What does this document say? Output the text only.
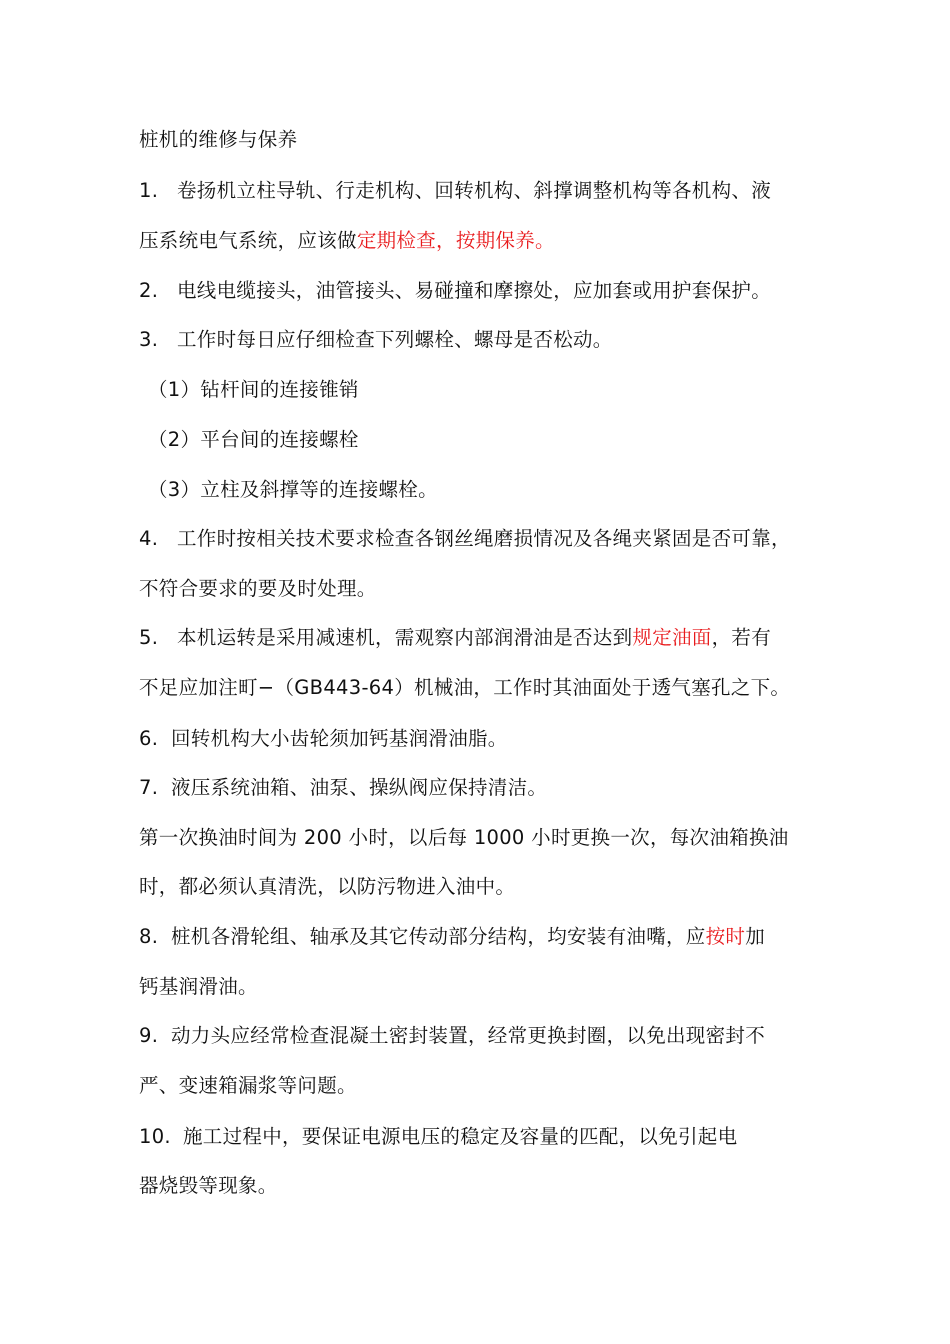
桩机的维修与保养
1. 卷扬机立柱导轨、行走机构、回转机构、斜撑调整机构等各机构、液
压系统电气系统，应该做定期检查，按期保养。
2. 电线电缆接头，油管接头、易碰撞和摩擦处，应加套或用护套保护。
3. 工作时每日应仔细检查下列螺栓、螺母是否松动。
（1）钻杆间的连接锥销
（2）平台间的连接螺栓
（3）立柱及斜撑等的连接螺栓。
4. 工作时按相关技术要求检查各钢丝绳磨损情况及各绳夹紧固是否可靠，
不符合要求的要及时处理。
5. 本机运转是采用减速机，需观察内部润滑油是否达到规定油面，若有
不足应加注町−（GB443-64）机械油，工作时其油面处于透气塞孔之下。
6. 回转机构大小齿轮须加钙基润滑油脂。
7. 液压系统油箱、油泵、操纵阀应保持清洁。
第一次换油时间为 200 小时，以后每 1000 小时更换一次，每次油箱换油
时，都必须认真清洗，以防污物进入油中。
8. 桩机各滑轮组、轴承及其它传动部分结构，均安装有油嘴，应按时加
钙基润滑油。
9. 动力头应经常检查混凝土密封装置，经常更换封圈，以免出现密封不
严、变速箱漏浆等问题。
10. 施工过程中，要保证电源电压的稳定及容量的匹配，以免引起电
器烧毁等现象。
